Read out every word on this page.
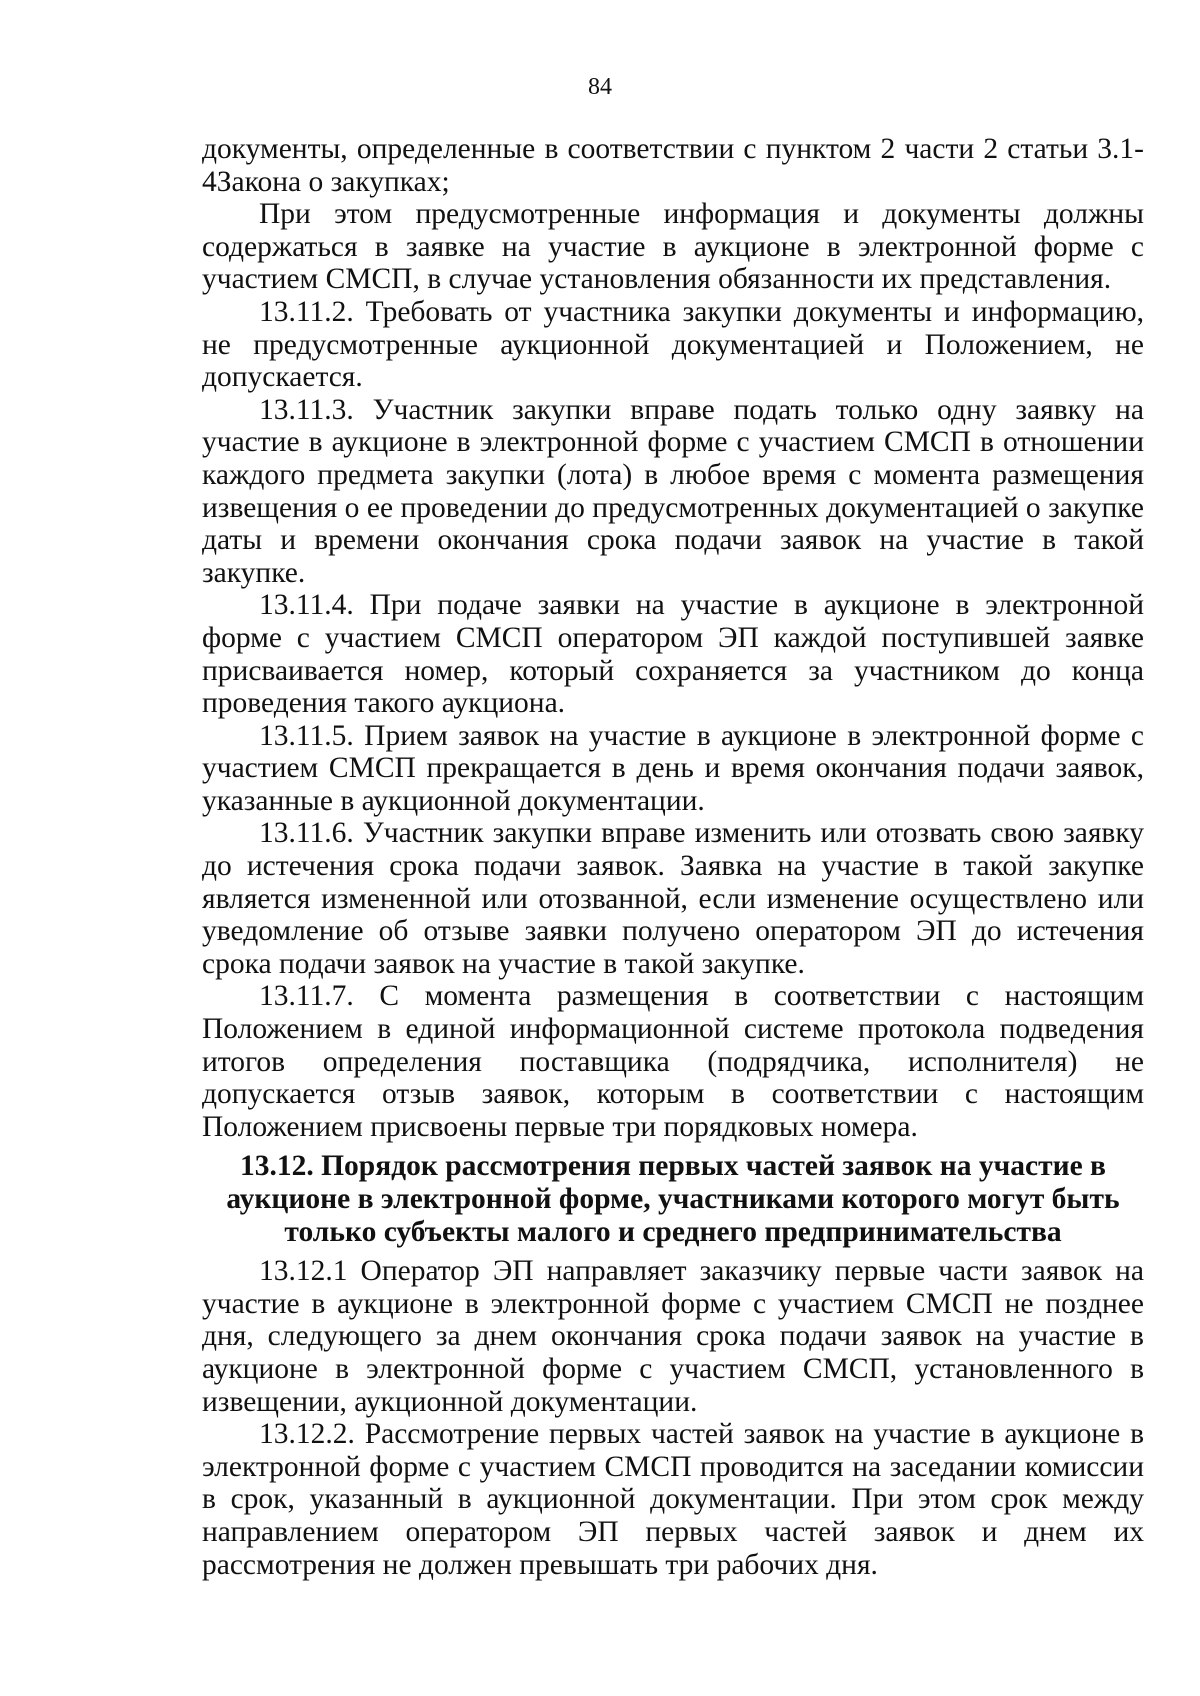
84

документы, определенные в соответствии с пунктом 2 части 2 статьи 3.1-4Закона о закупках;

При этом предусмотренные информация и документы должны содержаться в заявке на участие в аукционе в электронной форме с участием СМСП, в случае установления обязанности их представления.

13.11.2. Требовать от участника закупки документы и информацию, не предусмотренные аукционной документацией и Положением, не допускается.

13.11.3. Участник закупки вправе подать только одну заявку на участие в аукционе в электронной форме с участием СМСП в отношении каждого предмета закупки (лота) в любое время с момента размещения извещения о ее проведении до предусмотренных документацией о закупке даты и времени окончания срока подачи заявок на участие в такой закупке.

13.11.4. При подаче заявки на участие в аукционе в электронной форме с участием СМСП оператором ЭП каждой поступившей заявке присваивается номер, который сохраняется за участником до конца проведения такого аукциона.

13.11.5. Прием заявок на участие в аукционе в электронной форме с участием СМСП прекращается в день и время окончания подачи заявок, указанные в аукционной документации.

13.11.6. Участник закупки вправе изменить или отозвать свою заявку до истечения срока подачи заявок. Заявка на участие в такой закупке является измененной или отозванной, если изменение осуществлено или уведомление об отзыве заявки получено оператором ЭП до истечения срока подачи заявок на участие в такой закупке.

13.11.7. С момента размещения в соответствии с настоящим Положением в единой информационной системе протокола подведения итогов определения поставщика (подрядчика, исполнителя) не допускается отзыв заявок, которым в соответствии с настоящим Положением присвоены первые три порядковых номера.

13.12. Порядок рассмотрения первых частей заявок на участие в
аукционе в электронной форме, участниками которого могут быть
только субъекты малого и среднего предпринимательства

13.12.1 Оператор ЭП направляет заказчику первые части заявок на участие в аукционе в электронной форме с участием СМСП не позднее дня, следующего за днем окончания срока подачи заявок на участие в аукционе в электронной форме с участием СМСП, установленного в извещении, аукционной документации.

13.12.2. Рассмотрение первых частей заявок на участие в аукционе в электронной форме с участием СМСП проводится на заседании комиссии в срок, указанный в аукционной документации. При этом срок между направлением оператором ЭП первых частей заявок и днем их рассмотрения не должен превышать три рабочих дня.
